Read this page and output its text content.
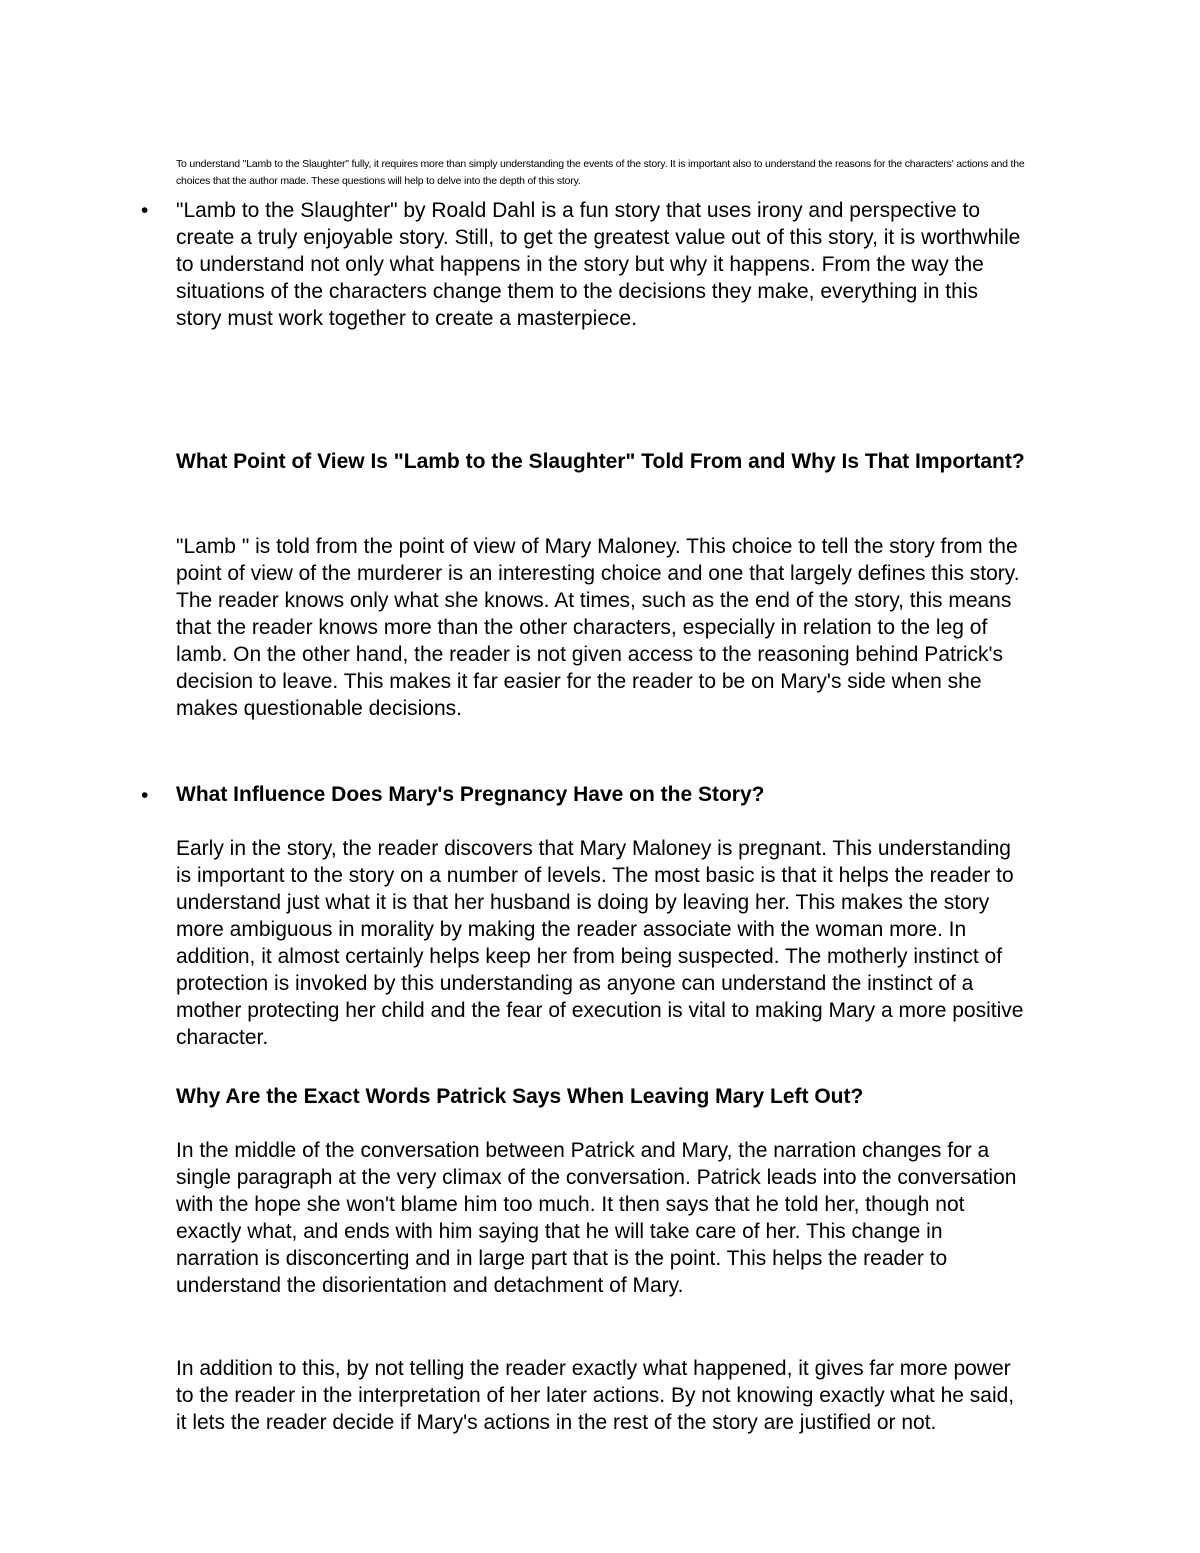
To understand "Lamb to the Slaughter" fully, it requires more than simply understanding the events of the story. It is important also to understand the reasons for the characters' actions and the choices that the author made. These questions will help to delve into the depth of this story.

• "Lamb to the Slaughter" by Roald Dahl is a fun story that uses irony and perspective to create a truly enjoyable story. Still, to get the greatest value out of this story, it is worthwhile to understand not only what happens in the story but why it happens. From the way the situations of the characters change them to the decisions they make, everything in this story must work together to create a masterpiece.

What Point of View Is "Lamb to the Slaughter" Told From and Why Is That Important?

"Lamb " is told from the point of view of Mary Maloney. This choice to tell the story from the point of view of the murderer is an interesting choice and one that largely defines this story. The reader knows only what she knows. At times, such as the end of the story, this means that the reader knows more than the other characters, especially in relation to the leg of lamb. On the other hand, the reader is not given access to the reasoning behind Patrick's decision to leave. This makes it far easier for the reader to be on Mary's side when she makes questionable decisions.

• What Influence Does Mary's Pregnancy Have on the Story?

Early in the story, the reader discovers that Mary Maloney is pregnant. This understanding is important to the story on a number of levels. The most basic is that it helps the reader to understand just what it is that her husband is doing by leaving her. This makes the story more ambiguous in morality by making the reader associate with the woman more. In addition, it almost certainly helps keep her from being suspected. The motherly instinct of protection is invoked by this understanding as anyone can understand the instinct of a mother protecting her child and the fear of execution is vital to making Mary a more positive character.

Why Are the Exact Words Patrick Says When Leaving Mary Left Out?

In the middle of the conversation between Patrick and Mary, the narration changes for a single paragraph at the very climax of the conversation. Patrick leads into the conversation with the hope she won't blame him too much. It then says that he told her, though not exactly what, and ends with him saying that he will take care of her. This change in narration is disconcerting and in large part that is the point. This helps the reader to understand the disorientation and detachment of Mary.

In addition to this, by not telling the reader exactly what happened, it gives far more power to the reader in the interpretation of her later actions. By not knowing exactly what he said, it lets the reader decide if Mary's actions in the rest of the story are justified or not.
